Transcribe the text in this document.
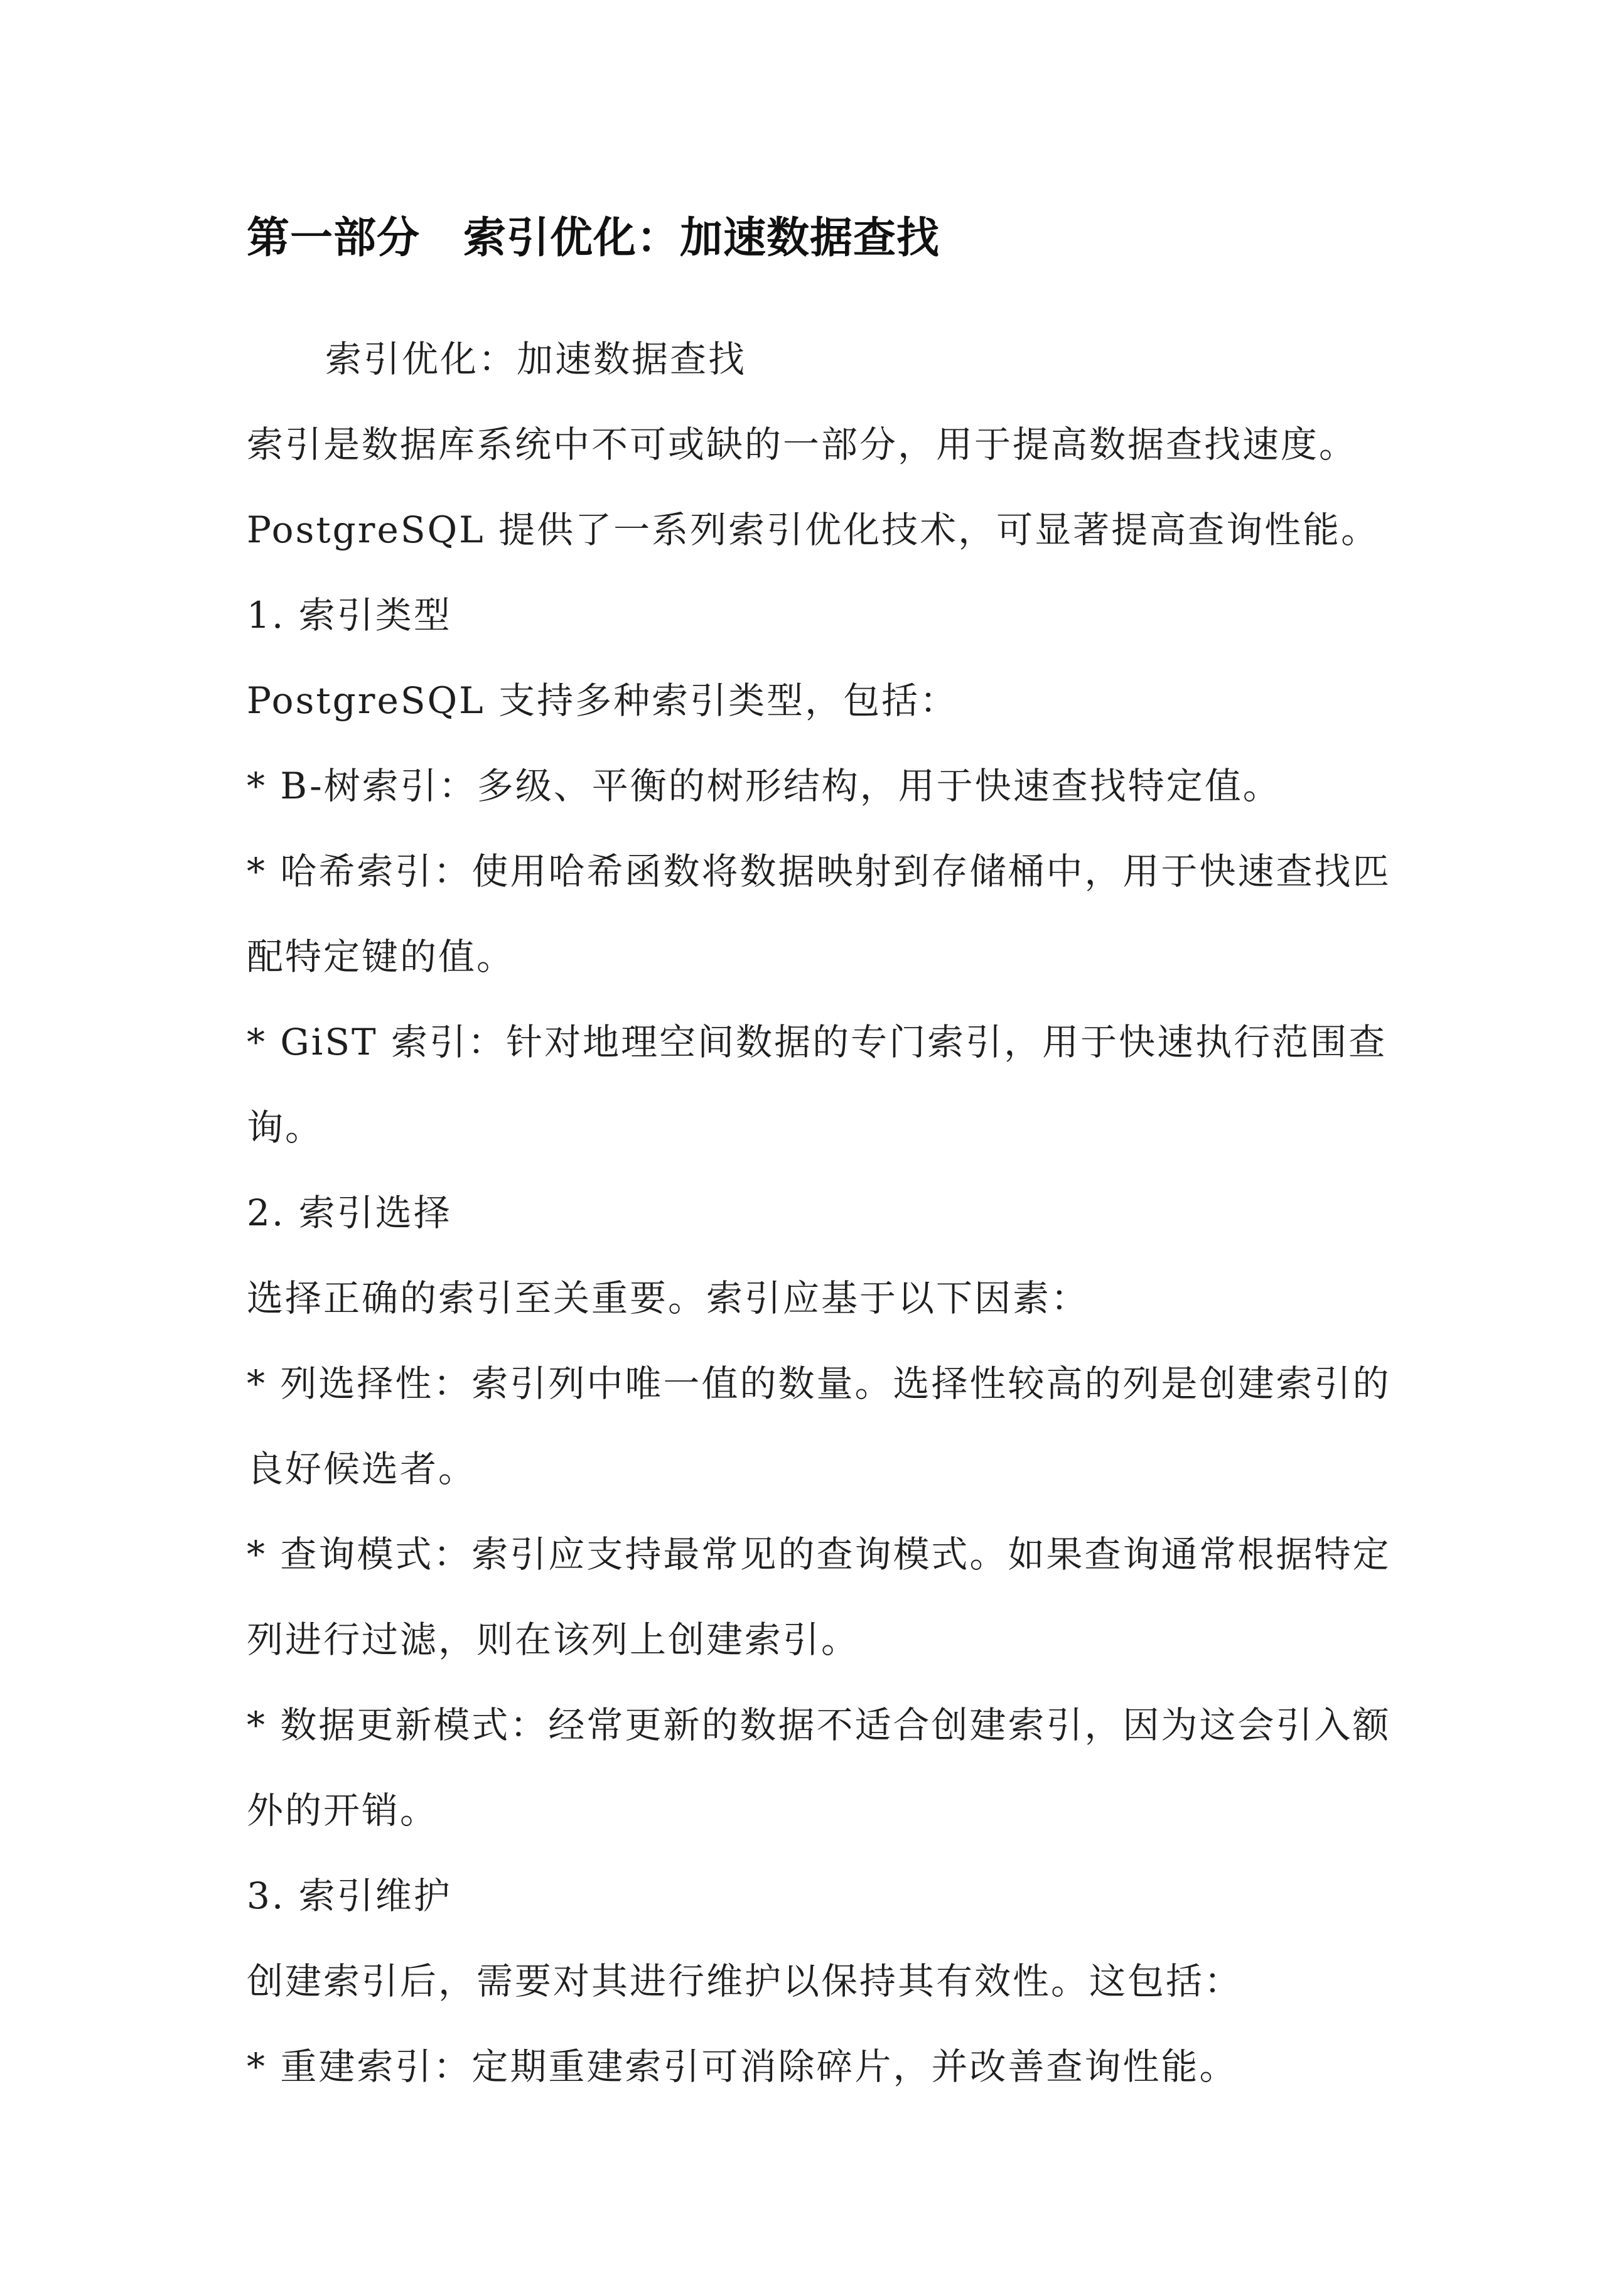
第一部分　索引优化：加速数据查找

索引优化：加速数据查找

索引是数据库系统中不可或缺的一部分，用于提高数据查找速度。

PostgreSQL 提供了一系列索引优化技术，可显著提高查询性能。

1. 索引类型

PostgreSQL 支持多种索引类型，包括：

* B-树索引：多级、平衡的树形结构，用于快速查找特定值。

* 哈希索引：使用哈希函数将数据映射到存储桶中，用于快速查找匹

配特定键的值。

* GiST 索引：针对地理空间数据的专门索引，用于快速执行范围查

询。

2. 索引选择

选择正确的索引至关重要。索引应基于以下因素：

* 列选择性：索引列中唯一值的数量。选择性较高的列是创建索引的

良好候选者。

* 查询模式：索引应支持最常见的查询模式。如果查询通常根据特定

列进行过滤，则在该列上创建索引。

* 数据更新模式：经常更新的数据不适合创建索引，因为这会引入额

外的开销。

3. 索引维护

创建索引后，需要对其进行维护以保持其有效性。这包括：

* 重建索引：定期重建索引可消除碎片，并改善查询性能。
